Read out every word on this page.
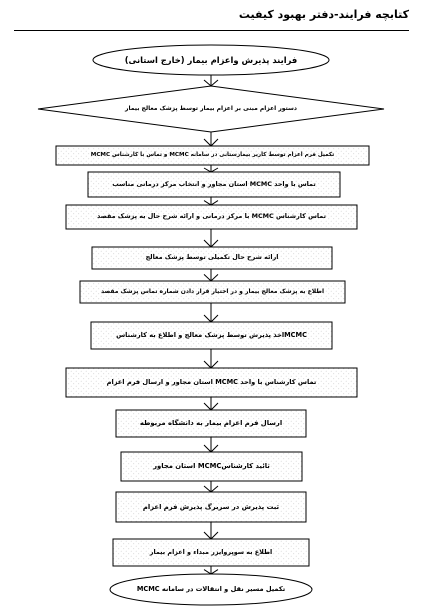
کتابچه فرایند-دفتر بهبود کیفیت
فرایند پذیرش واعزام بیمار (خارج استانی)
دستور اعزام مبنی بر اعزام بیمار توسط پزشک معالج بیمار
تکمیل فرم اعزام توسط کاربر بیمارستانی در سامانه MCMC و تماس با کارشناس MCMC
تماس با واحد MCMC استان مجاور و انتخاب مرکز درمانی مناسب
تماس کارشناس MCMC با مرکز درمانی و ارائه شرح حال به پزشک مقصد
ارائه شرح حال تکمیلی توسط پزشک معالج
اطلاع به پزشک معالج بیمار و در اختیار قرار دادن شماره تماس پزشک مقصد
MCMCاخذ پذیرش توسط پزشک معالج و اطلاع به کارشناس
تماس کارشناس با واحد MCMC استان مجاور و ارسال فرم اعزام
ارسال فرم اعزام بیمار به دانشگاه مربوطه
تائید کارشناسMCMC استان مجاور
ثبت پذیرش در سربرگ پذیرش فرم اعزام
اطلاع به سوپروایزر مبداء و اعزام بیمار
تکمیل مسیر نقل و انتقالات در سامانه MCMC
